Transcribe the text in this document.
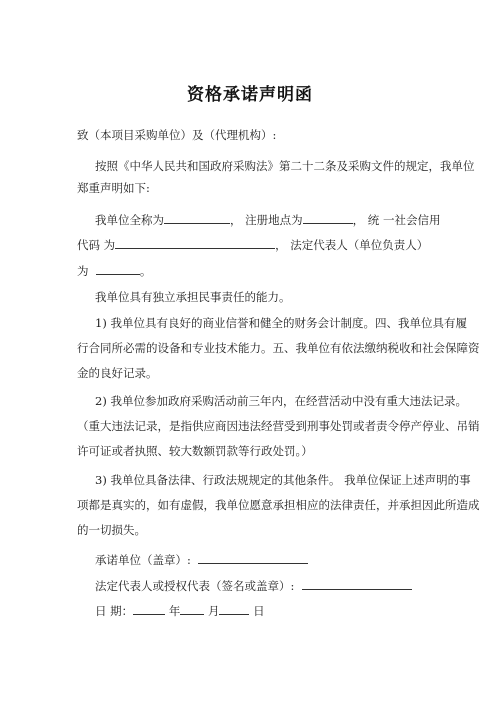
资格承诺声明函
致（本项目采购单位）及（代理机构）:
按照《中华人民共和国政府采购法》第二十二条及采购文件的规定，我单位
郑重声明如下:
我单位全称为	， 注册地点为	， 统 一社会信用
代码 为	， 法定代表人（单位负责人）
为	。
我单位具有独立承担民事责任的能力。
1) 我单位具有良好的商业信誉和健全的财务会计制度。四、我单位具有履
行合同所必需的设备和专业技术能力。五、我单位有依法缴纳税收和社会保障资
金的良好记录。
2) 我单位参加政府采购活动前三年内，在经营活动中没有重大违法记录。
（重大违法记录，是指供应商因违法经营受到刑事处罚或者责令停产停业、吊销
许可证或者执照、较大数额罚款等行政处罚。）
3) 我单位具备法律、行政法规规定的其他条件。 我单位保证上述声明的事
项都是真实的，如有虚假，我单位愿意承担相应的法律责任，并承担因此所造成
的一切损失。
承诺单位（盖章）:
法定代表人或授权代表（签名或盖章）:
日 期：	年 月	日
